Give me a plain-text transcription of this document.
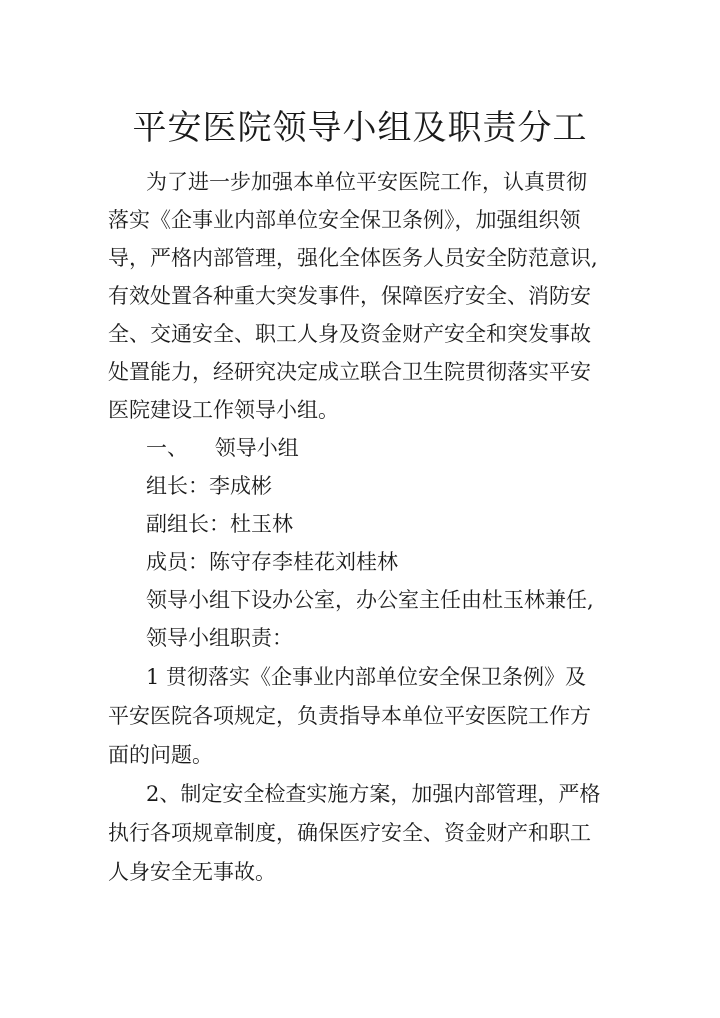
平安医院领导小组及职责分工
为了进一步加强本单位平安医院工作，认真贯彻
落实《企事业内部单位安全保卫条例》，加强组织领
导，严格内部管理，强化全体医务人员安全防范意识,
有效处置各种重大突发事件，保障医疗安全、消防安
全、交通安全、职工人身及资金财产安全和突发事故
处置能力，经研究决定成立联合卫生院贯彻落实平安
医院建设工作领导小组。
一、    领导小组
组长：李成彬
副组长：杜玉林
成员：陈守存李桂花刘桂林
领导小组下设办公室，办公室主任由杜玉林兼任,
领导小组职责：
1 贯彻落实《企事业内部单位安全保卫条例》及
平安医院各项规定，负责指导本单位平安医院工作方
面的问题。
2、制定安全检查实施方案，加强内部管理，严格
执行各项规章制度，确保医疗安全、资金财产和职工
人身安全无事故。
